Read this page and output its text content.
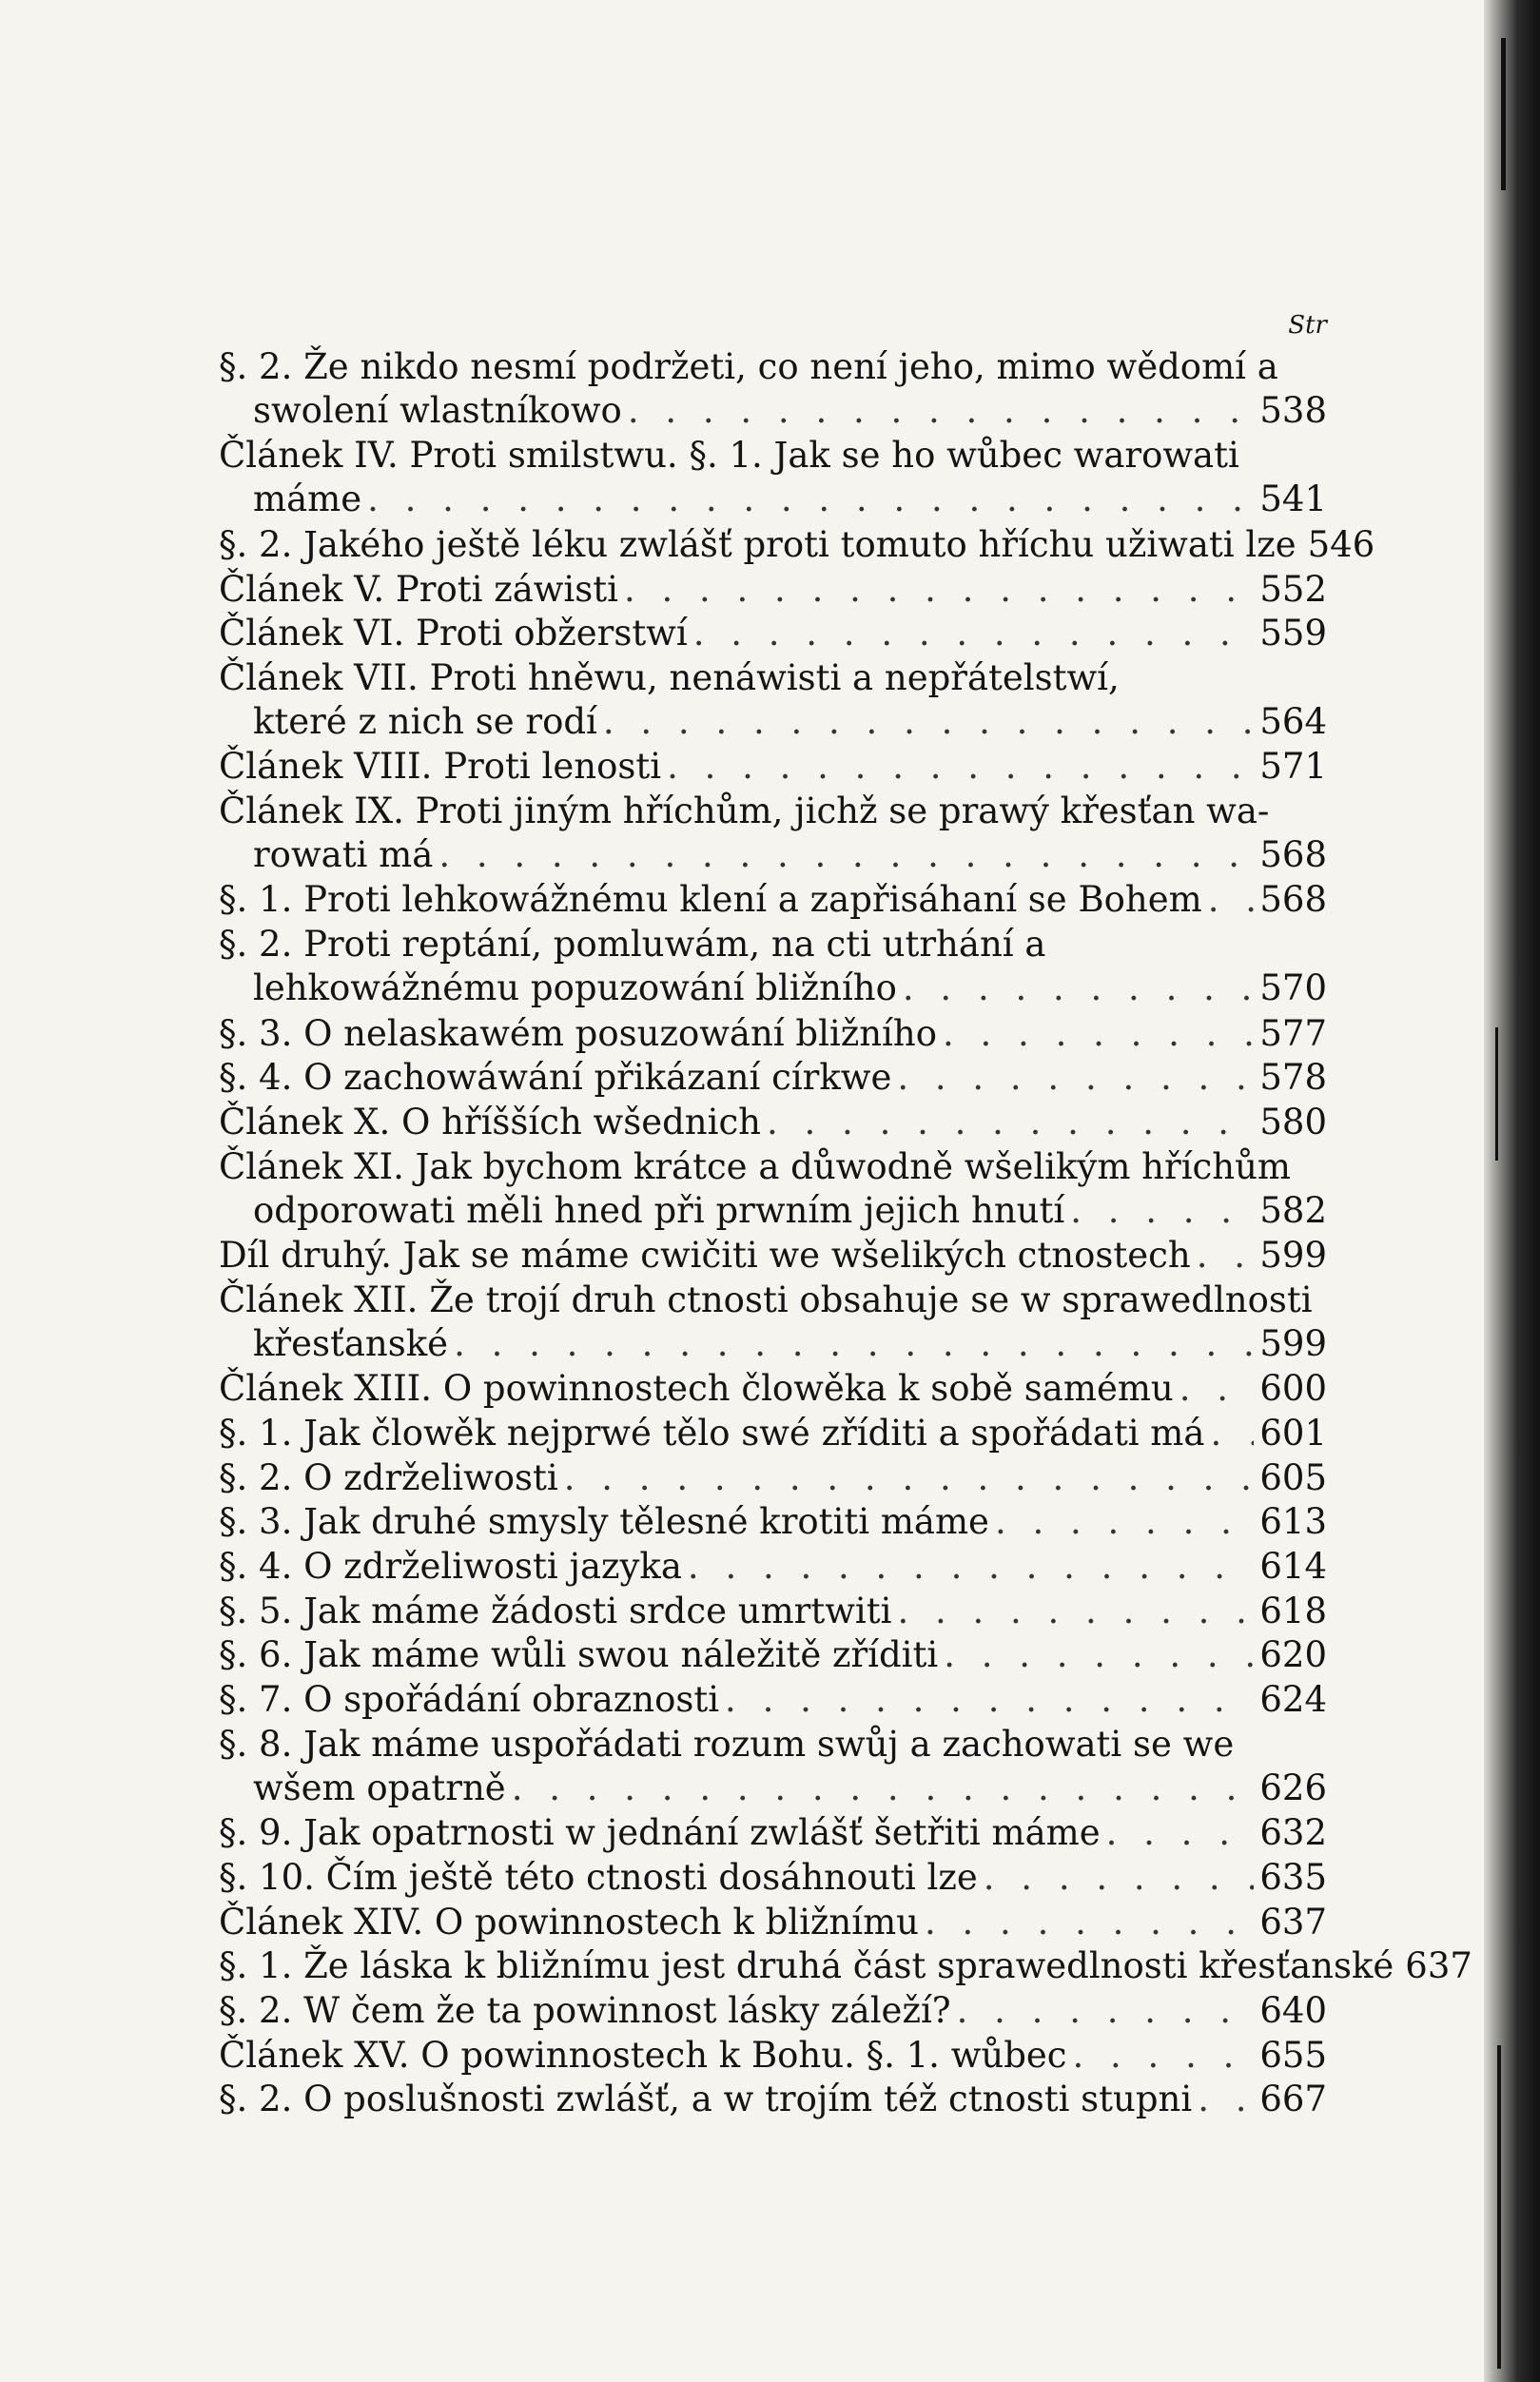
Str
§. 2. Že nikdo nesmí podržeti, co není jeho, mimo wědomí a
swolení wlastníkowo . . .	538
Článek IV. Proti smilstwu. §. 1. Jak se ho wůbec warowati
máme . . .	541
§. 2. Jakého ještě léku zwlášť proti tomuto hříchu užiwati lze 546
Článek V. Proti záwisti . . .	552
Článek VI. Proti obžerstwí . . .	559
Článek VII. Proti hněwu, nenáwisti a nepřátelstwí,
které z nich se rodí . . .	564
Článek VIII. Proti lenosti . . .	571
Článek IX. Proti jiným hříchům, jichž se prawý křesťan wa-
rowati má . . .	568
§. 1. Proti lehkowážnému klení a zapřisáhaní se Bohem . . . 568
§. 2. Proti reptání, pomluwám, na cti utrhání a
lehkowážnému popuzowání bližního . . .	570
§. 3. O nelaskawém posuzowání bližního . . .	577
§. 4. O zachowáwání přikázaní církwe . . .	578
Článek X. O hříšších wšednich . . .	580
Článek XI. Jak bychom krátce a důwodně wšelikým hříchům
odporowati měli hned při prwním jejich hnutí . . .	582
Díl druhý. Jak se máme cwičiti we wšelikých ctnostech . . . 599
Článek XII. Že trojí druh ctnosti obsahuje se w sprawedlnosti
křesťanské . . .	599
Článek XIII. O powinnostech člowěka k sobě samému . . . 600
§. 1. Jak člowěk nejprwé tělo swé zříditi a spořádati má . . . 601
§. 2. O zdrželiwosti . . .	605
§. 3. Jak druhé smysly tělesné krotiti máme . . .	613
§. 4. O zdrželiwosti jazyka . . .	614
§. 5. Jak máme žádosti srdce umrtwiti . . .	618
§. 6. Jak máme wůli swou náležitě zříditi . . .	620
§. 7. O spořádání obraznosti . . .	624
§. 8. Jak máme uspořádati rozum swůj a zachowati se we
wšem opatrně . . .	626
§. 9. Jak opatrnosti w jednání zwlášť šetřiti máme . . .	632
§. 10. Čím ještě této ctnosti dosáhnouti lze . . .	635
Článek XIV. O powinnostech k bližnímu . . .	637
§. 1. Že láska k bližnímu jest druhá část sprawedlnosti křesťanské 637
§. 2. W čem že ta powinnost lásky záleží? . . .	640
Článek XV. O powinnostech k Bohu. §. 1. wůbec . . .	655
§. 2. O poslušnosti zwlášť, a w trojím též ctnosti stupni . . . 667
